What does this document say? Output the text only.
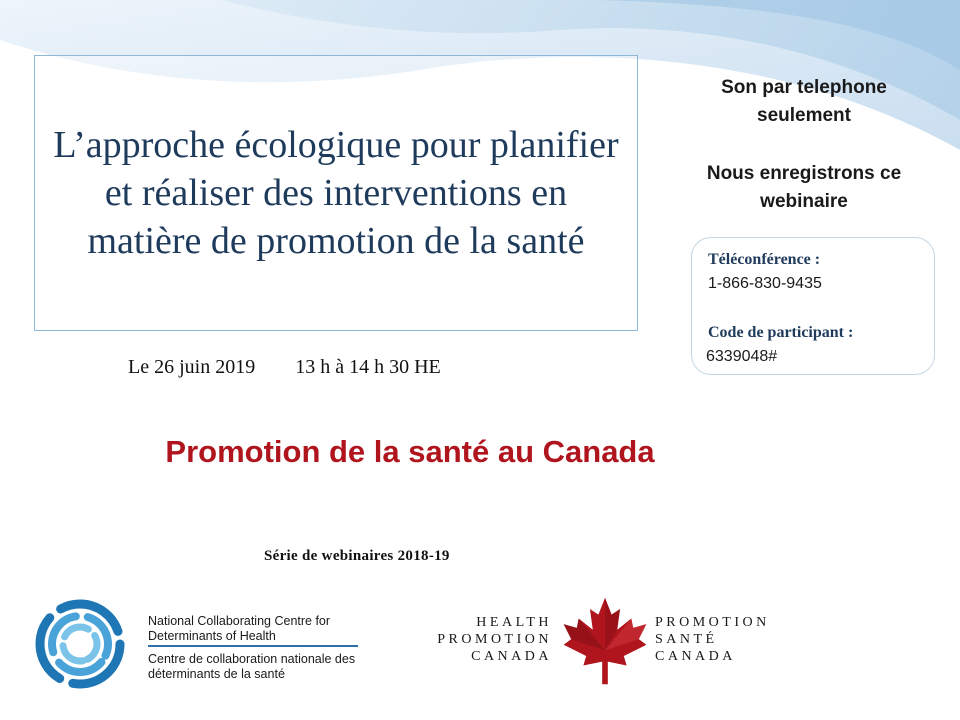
L’approche écologique pour planifier et réaliser des interventions en matière de promotion de la santé
Son par telephone seulement
Nous enregistrons ce webinaire
Téléconférence :
1-866-830-9435
Code de participant :
6339048#
Le 26 juin 2019 13 h à 14 h 30 HE
Promotion de la santé au Canada
Série de webinaires 2018-19
National Collaborating Centre for Determinants of Health
Centre de collaboration nationale des déterminants de la santé
HEALTH
PROMOTION
CANADA
PROMOTION
SANTÉ
CANADA
